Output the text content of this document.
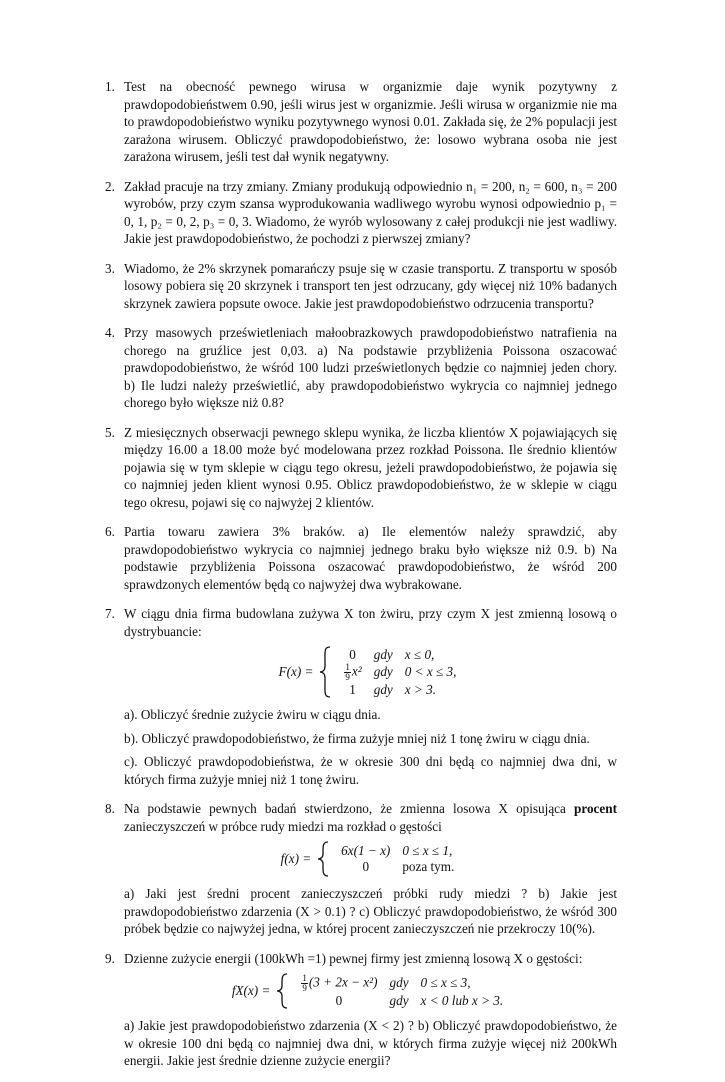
1. Test na obecność pewnego wirusa w organizmie daje wynik pozytywny z prawdopodobieństwem 0.90, jeśli wirus jest w organizmie. Jeśli wirusa w organizmie nie ma to prawdopodobieństwo wyniku pozytywnego wynosi 0.01. Zakłada się, że 2% populacji jest zarażona wirusem. Obliczyć prawdopodobieństwo, że: losowo wybrana osoba nie jest zarażona wirusem, jeśli test dał wynik negatywny.
2. Zakład pracuje na trzy zmiany. Zmiany produkują odpowiednio n₁ = 200, n₂ = 600, n₃ = 200 wyrobów, przy czym szansa wyprodukowania wadliwego wyrobu wynosi odpowiednio p₁ = 0, 1, p₂ = 0, 2, p₃ = 0, 3. Wiadomo, że wyrób wylosowany z całej produkcji nie jest wadliwy. Jakie jest prawdopodobieństwo, że pochodzi z pierwszej zmiany?
3. Wiadomo, że 2% skrzynek pomarańczy psuje się w czasie transportu. Z transportu w sposób losowy pobiera się 20 skrzynek i transport ten jest odrzucany, gdy więcej niż 10% badanych skrzynek zawiera popsute owoce. Jakie jest prawdopodobieństwo odrzucenia transportu?
4. Przy masowych prześwietleniach małoobrazkowych prawdopodobieństwo natrafienia na chorego na gruźlice jest 0,03. a) Na podstawie przybliżenia Poissona oszacować prawdopodobieństwo, że wśród 100 ludzi prześwietlonych będzie co najmniej jeden chory. b) Ile ludzi należy prześwietlić, aby prawdopodobieństwo wykrycia co najmniej jednego chorego było większe niż 0.8?
5. Z miesięcznych obserwacji pewnego sklepu wynika, że liczba klientów X pojawiających się między 16.00 a 18.00 może być modelowana przez rozkład Poissona. Ile średnio klientów pojawia się w tym sklepie w ciągu tego okresu, jeżeli prawdopodobieństwo, że pojawia się co najmniej jeden klient wynosi 0.95. Oblicz prawdopodobieństwo, że w sklepie w ciągu tego okresu, pojawi się co najwyżej 2 klientów.
6. Partia towaru zawiera 3% braków. a) Ile elementów należy sprawdzić, aby prawdopodobieństwo wykrycia co najmniej jednego braku było większe niż 0.9. b) Na podstawie przybliżenia Poissona oszacować prawdopodobieństwo, że wśród 200 sprawdzonych elementów będą co najwyżej dwa wybrakowane.
7. W ciągu dnia firma budowlana zużywa X ton żwiru, przy czym X jest zmienną losową o dystrybuancie:
F(x) =
0	gdy	x ≤ 0,

$\frac{1}{9} x^2$	gdy	0 < x ≤ 3,
1	gdy	x > 3.
a). Obliczyć średnie zużycie żwiru w ciągu dnia.
b). Obliczyć prawdopodobieństwo, że firma zużyje mniej niż 1 tonę żwiru w ciągu dnia.
c). Obliczyć prawdopodobieństwa, że w okresie 300 dni będą co najmniej dwa dni, w których firma zużyje mniej niż 1 tonę żwiru.
8. Na podstawie pewnych badań stwierdzono, że zmienna losowa X opisująca procent zanieczyszczeń w próbce rudy miedzi ma rozkład o gęstości
f(x) =
6x(1 − x)	0 ≤ x ≤ 1,
0	poza tym.
a) Jaki jest średni procent zanieczyszczeń próbki rudy miedzi ? b) Jakie jest prawdopodobieństwo zdarzenia (X > 0.1) ? c) Obliczyć prawdopodobieństwo, że wśród 300 próbek będzie co najwyżej jedna, w której procent zanieczyszczeń nie przekroczy 10(%).
9. Dzienne zużycie energii (100kWh =1) pewnej firmy jest zmienną losową X o gęstości:
fX(x) =	$\frac{1}{9} (3 + 2x - x^2)$	gdy	0 ≤ x ≤ 3,
0	gdy	x < 0 lub x > 3.
a) Jakie jest prawdopodobieństwo zdarzenia (X < 2) ? b) Obliczyć prawdopodobieństwo, że w okresie 100 dni będą co najmniej dwa dni, w których firma zużyje więcej niż 200kWh energii. Jakie jest średnie dzienne zużycie energii?
